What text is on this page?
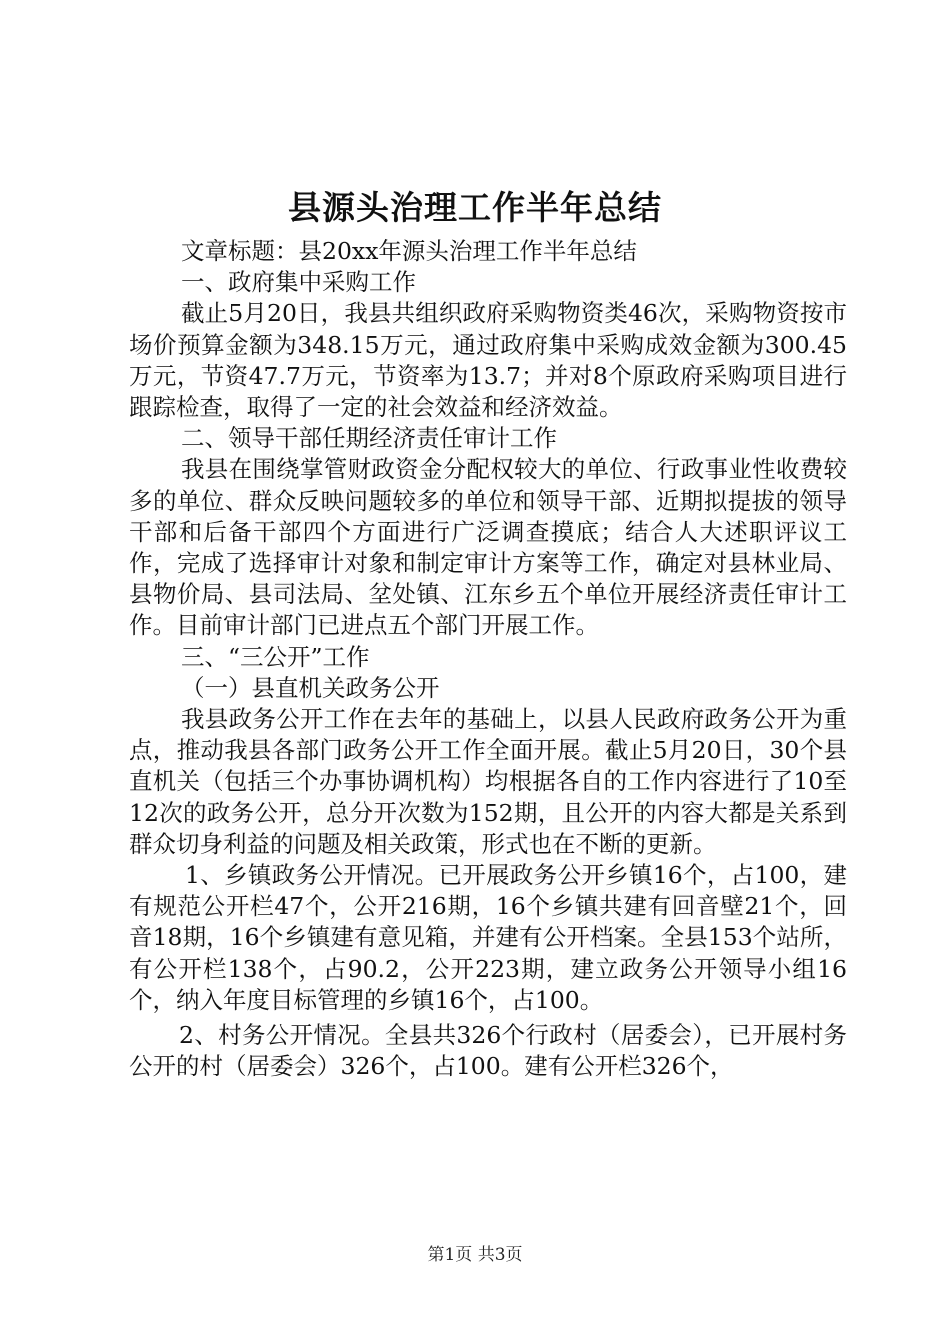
县源头治理工作半年总结

文章标题：县20xx年源头治理工作半年总结

一、政府集中采购工作

截止5月20日，我县共组织政府采购物资类46次，采购物资按市场价预算金额为348.15万元，通过政府集中采购成效金额为300.45万元，节资47.7万元，节资率为13.7；并对8个原政府采购项目进行跟踪检查，取得了一定的社会效益和经济效益。

二、领导干部任期经济责任审计工作

我县在围绕掌管财政资金分配权较大的单位、行政事业性收费较多的单位、群众反映问题较多的单位和领导干部、近期拟提拔的领导干部和后备干部四个方面进行广泛调查摸底；结合人大述职评议工作，完成了选择审计对象和制定审计方案等工作，确定对县林业局、县物价局、县司法局、坌处镇、江东乡五个单位开展经济责任审计工作。目前审计部门已进点五个部门开展工作。

三、“三公开”工作

（一）县直机关政务公开

我县政务公开工作在去年的基础上，以县人民政府政务公开为重点，推动我县各部门政务公开工作全面开展。截止5月20日，30个县直机关（包括三个办事协调机构）均根据各自的工作内容进行了10至12次的政务公开，总分开次数为152期，且公开的内容大都是关系到群众切身利益的问题及相关政策，形式也在不断的更新。

1、乡镇政务公开情况。已开展政务公开乡镇16个，占100，建有规范公开栏47个，公开216期，16个乡镇共建有回音壁21个，回音18期，16个乡镇建有意见箱，并建有公开档案。全县153个站所，有公开栏138个，占90.2，公开223期，建立政务公开领导小组16个，纳入年度目标管理的乡镇16个，占100。

2、村务公开情况。全县共326个行政村（居委会），已开展村务公开的村（居委会）326个，占100。建有公开栏326个，

第1页 共3页
